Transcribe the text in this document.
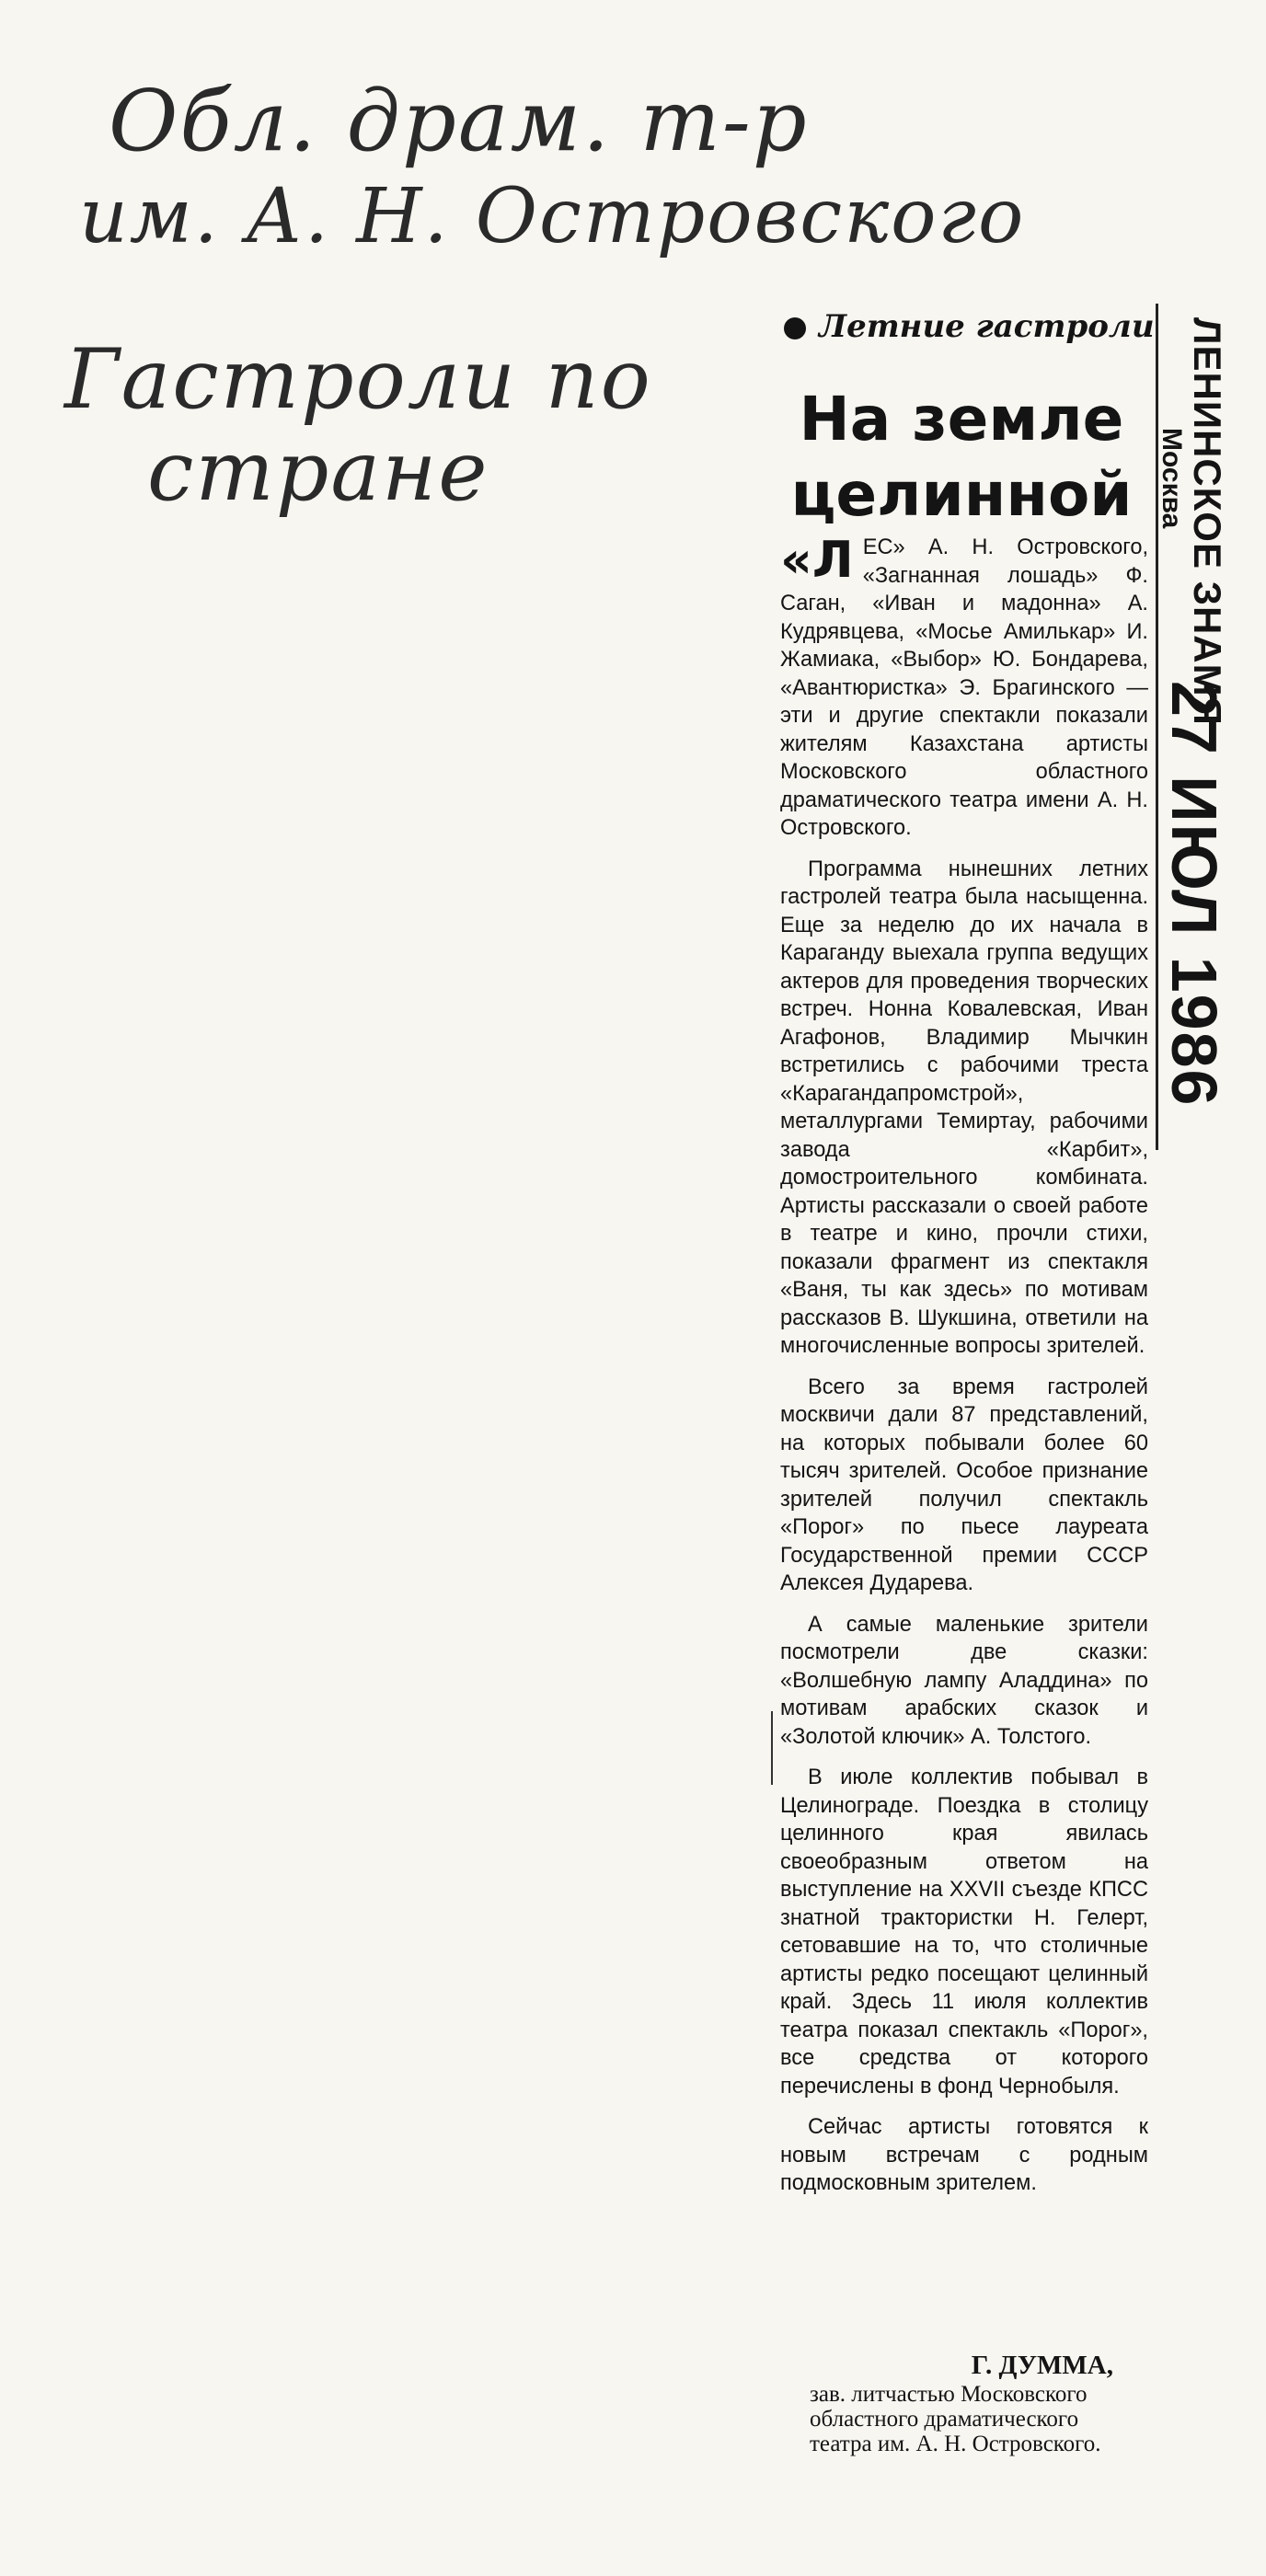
Обл. драм. т-р
им. А. Н. Островского
Гастроли по
стране	ЛЕНИНСКОЕ ЗНАМЯ
Москва
27 ИЮЛ 1986
Летние гастроли
На земле
целинной

«ЛЕС» А. Н. Островского, «Загнанная лошадь» Ф. Саган, «Иван и мадонна» А. Кудрявцева, «Мосье Амилькар» И. Жамиака, «Выбор» Ю. Бондарева, «Авантюристка» Э. Брагинского — эти и другие спектакли показали жителям Казахстана артисты Московского областного драматического театра имени А. Н. Островского.

Программа нынешних летних гастролей театра была насыщенна. Еще за неделю до их начала в Караганду выехала группа ведущих актеров для проведения творческих встреч. Нонна Ковалевская, Иван Агафонов, Владимир Мычкин встретились с рабочими треста «Карагандапромстрой», металлургами Темиртау, рабочими завода «Карбит», домостроительного комбината. Артисты рассказали о своей работе в театре и кино, прочли стихи, показали фрагмент из спектакля «Ваня, ты как здесь» по мотивам рассказов В. Шукшина, ответили на многочисленные вопросы зрителей.

Всего за время гастролей москвичи дали 87 представлений, на которых побывали более 60 тысяч зрителей. Особое признание зрителей получил спектакль «Порог» по пьесе лауреата Государственной премии СССР Алексея Дударева.

А самые маленькие зрители посмотрели две сказки: «Волшебную лампу Аладдина» по мотивам арабских сказок и «Золотой ключик» А. Толстого.

В июле коллектив побывал в Целинограде. Поездка в столицу целинного края явилась своеобразным ответом на выступление на XXVII съезде КПСС знатной трактористки Н. Гелерт, сетовавшие на то, что столичные артисты редко посещают целинный край. Здесь 11 июля коллектив театра показал спектакль «Порог», все средства от которого перечислены в фонд Чернобыля.

Сейчас артисты готовятся к новым встречам с родным подмосковным зрителем.

Г. ДУММА,
зав. литчастью Московского областного драматического театра им. А. Н. Островского.
